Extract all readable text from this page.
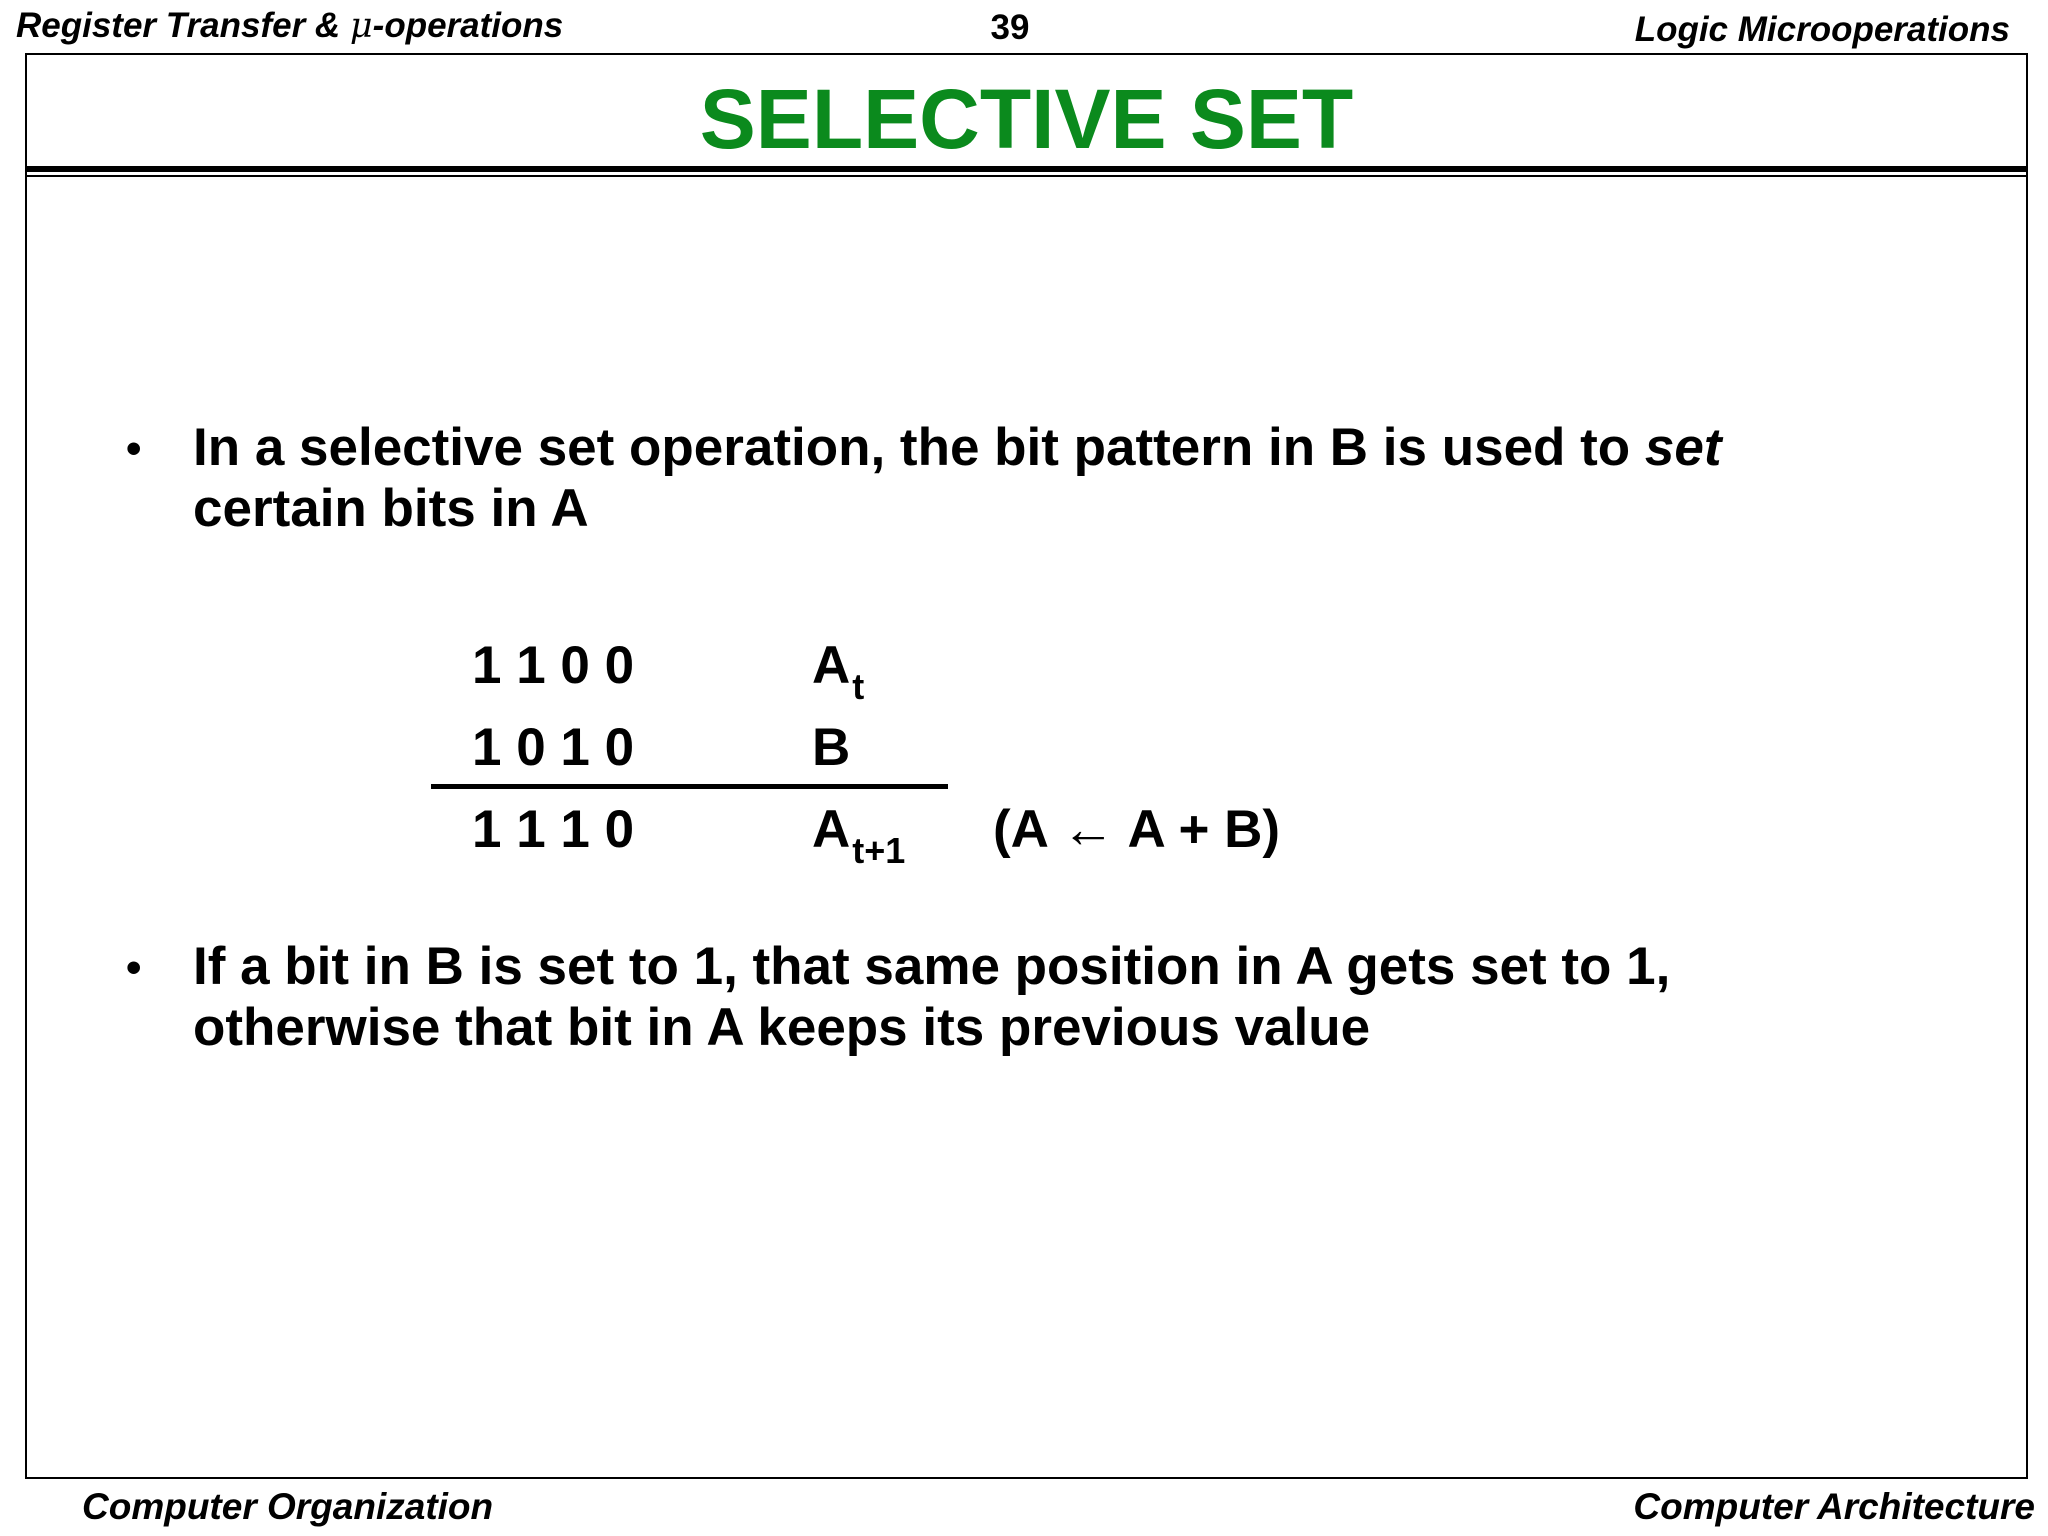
Register Transfer & μ-operations	39	Logic Microoperations
SELECTIVE SET
• In a selective set operation, the bit pattern in B is used to set certain bits in A
1 1 0 0	$A_t$
1 0 1 0	B
1 1 1 0	$A_{t+1}$ (A ← A + B)
• If a bit in B is set to 1, that same position in A gets set to 1, otherwise that bit in A keeps its previous value
Computer Organization	Computer Architecture
